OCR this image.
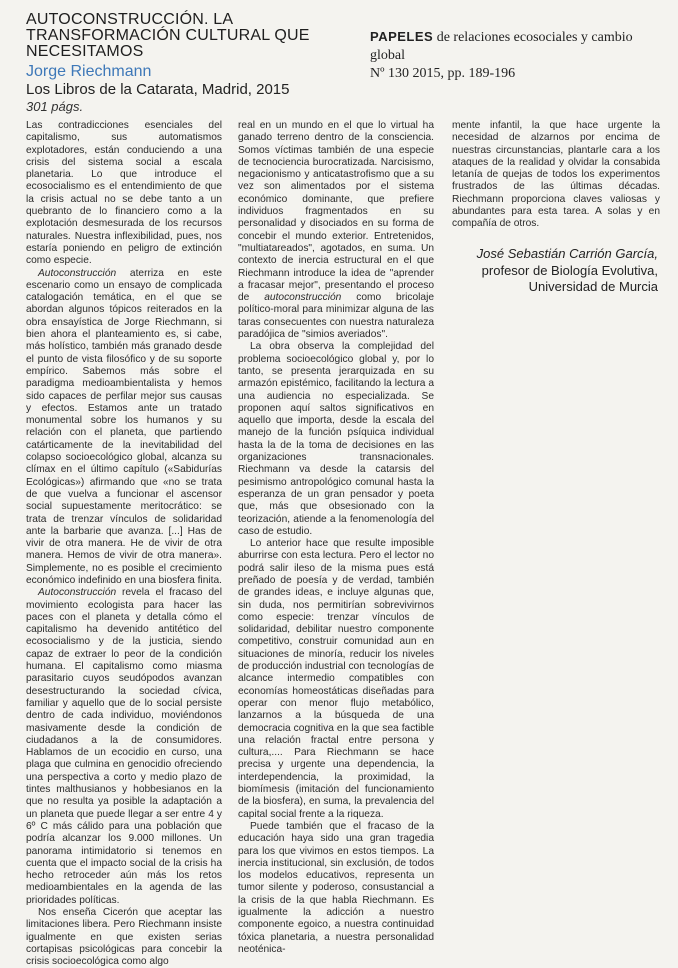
AUTOCONSTRUCCIÓN. LA TRANSFORMACIÓN CULTURAL QUE NECESITAMOS
Jorge Riechmann
Los Libros de la Catarata, Madrid, 2015
301 págs.
PAPELES de relaciones ecosociales y cambio global
Nº 130 2015, pp. 189-196

Las contradicciones esenciales del capitalismo, sus automatismos explotadores, están conduciendo a una crisis del sistema social a escala planetaria. Lo que introduce el ecosocialismo es el entendimiento de que la crisis actual no se debe tanto a un quebranto de lo financiero como a la explotación desmesurada de los recursos naturales. Nuestra inflexibilidad, pues, nos estaría poniendo en peligro de extinción como especie.

Autoconstrucción aterriza en este escenario como un ensayo de complicada catalogación temática, en el que se abordan algunos tópicos reiterados en la obra ensayística de Jorge Riechmann, si bien ahora el planteamiento es, si cabe, más holístico, también más granado desde el punto de vista filosófico y de su soporte empírico. Sabemos más sobre el paradigma medioambientalista y hemos sido capaces de perfilar mejor sus causas y efectos. Estamos ante un tratado monumental sobre los humanos y su relación con el planeta, que partiendo catárticamente de la inevitabilidad del colapso socioecológico global, alcanza su clímax en el último capítulo («Sabidurías Ecológicas») afirmando que «no se trata de que vuelva a funcionar el ascensor social supuestamente meritocrático: se trata de trenzar vínculos de solidaridad ante la barbarie que avanza. [...] Has de vivir de otra manera. He de vivir de otra manera. Hemos de vivir de otra manera». Simplemente, no es posible el crecimiento económico indefinido en una biosfera finita.

Autoconstrucción revela el fracaso del movimiento ecologista para hacer las paces con el planeta y detalla cómo el capitalismo ha devenido antitético del ecosocialismo y de la justicia, siendo capaz de extraer lo peor de la condición humana. El capitalismo como miasma parasitario cuyos seudópodos avanzan desestructurando la sociedad cívica, familiar y aquello que de lo social persiste dentro de cada individuo, moviéndonos masivamente desde la condición de ciudadanos a la de consumidores. Hablamos de un ecocidio en curso, una plaga que culmina en genocidio ofreciendo una perspectiva a corto y medio plazo de tintes malthusianos y hobbesianos en la que no resulta ya posible la adaptación a un planeta que puede llegar a ser entre 4 y 6º C más cálido para una población que podría alcanzar los 9.000 millones. Un panorama intimidatorio si tenemos en cuenta que el impacto social de la crisis ha hecho retroceder aún más los retos medioambientales en la agenda de las prioridades políticas.

Nos enseña Cicerón que aceptar las limitaciones libera. Pero Riechmann insiste igualmente en que existen serias cortapisas psicológicas para concebir la crisis socioecológica como algo

real en un mundo en el que lo virtual ha ganado terreno dentro de la consciencia. Somos víctimas también de una especie de tecnociencia burocratizada. Narcisismo, negacionismo y anticatastrofismo que a su vez son alimentados por el sistema económico dominante, que prefiere individuos fragmentados en su personalidad y disociados en su forma de concebir el mundo exterior. Entretenidos, "multiatareados", agotados, en suma. Un contexto de inercia estructural en el que Riechmann introduce la idea de "aprender a fracasar mejor", presentando el proceso de autoconstrucción como bricolaje político-moral para minimizar alguna de las taras consecuentes con nuestra naturaleza paradójica de "simios averiados".

La obra observa la complejidad del problema socioecológico global y, por lo tanto, se presenta jerarquizada en su armazón epistémico, facilitando la lectura a una audiencia no especializada. Se proponen aquí saltos significativos en aquello que importa, desde la escala del manejo de la función psíquica individual hasta la de la toma de decisiones en las organizaciones transnacionales. Riechmann va desde la catarsis del pesimismo antropológico comunal hasta la esperanza de un gran pensador y poeta que, más que obsesionado con la teorización, atiende a la fenomenología del caso de estudio.

Lo anterior hace que resulte imposible aburrirse con esta lectura. Pero el lector no podrá salir ileso de la misma pues está preñado de poesía y de verdad, también de grandes ideas, e incluye algunas que, sin duda, nos permitirían sobrevivirnos como especie: trenzar vínculos de solidaridad, debilitar nuestro componente competitivo, construir comunidad aun en situaciones de minoría, reducir los niveles de producción industrial con tecnologías de alcance intermedio compatibles con economías homeostáticas diseñadas para operar con menor flujo metabólico, lanzarnos a la búsqueda de una democracia cognitiva en la que sea factible una relación fractal entre persona y cultura,.... Para Riechmann se hace precisa y urgente una dependencia, la interdependencia, la proximidad, la biomímesis (imitación del funcionamiento de la biosfera), en suma, la prevalencia del capital social frente a la riqueza.

Puede también que el fracaso de la educación haya sido una gran tragedia para los que vivimos en estos tiempos. La inercia institucional, sin exclusión, de todos los modelos educativos, representa un tumor silente y poderoso, consustancial a la crisis de la que habla Riechmann. Es igualmente la adicción a nuestro componente egoico, a nuestra continuidad tóxica planetaria, a nuestra personalidad neoténica-

mente infantil, la que hace urgente la necesidad de alzarnos por encima de nuestras circunstancias, plantarle cara a los ataques de la realidad y olvidar la consabida letanía de quejas de todos los experimentos frustrados de las últimas décadas. Riechmann proporciona claves valiosas y abundantes para esta tarea. A solas y en compañía de otros.

José Sebastián Carrión García,
profesor de Biología Evolutiva,
Universidad de Murcia
